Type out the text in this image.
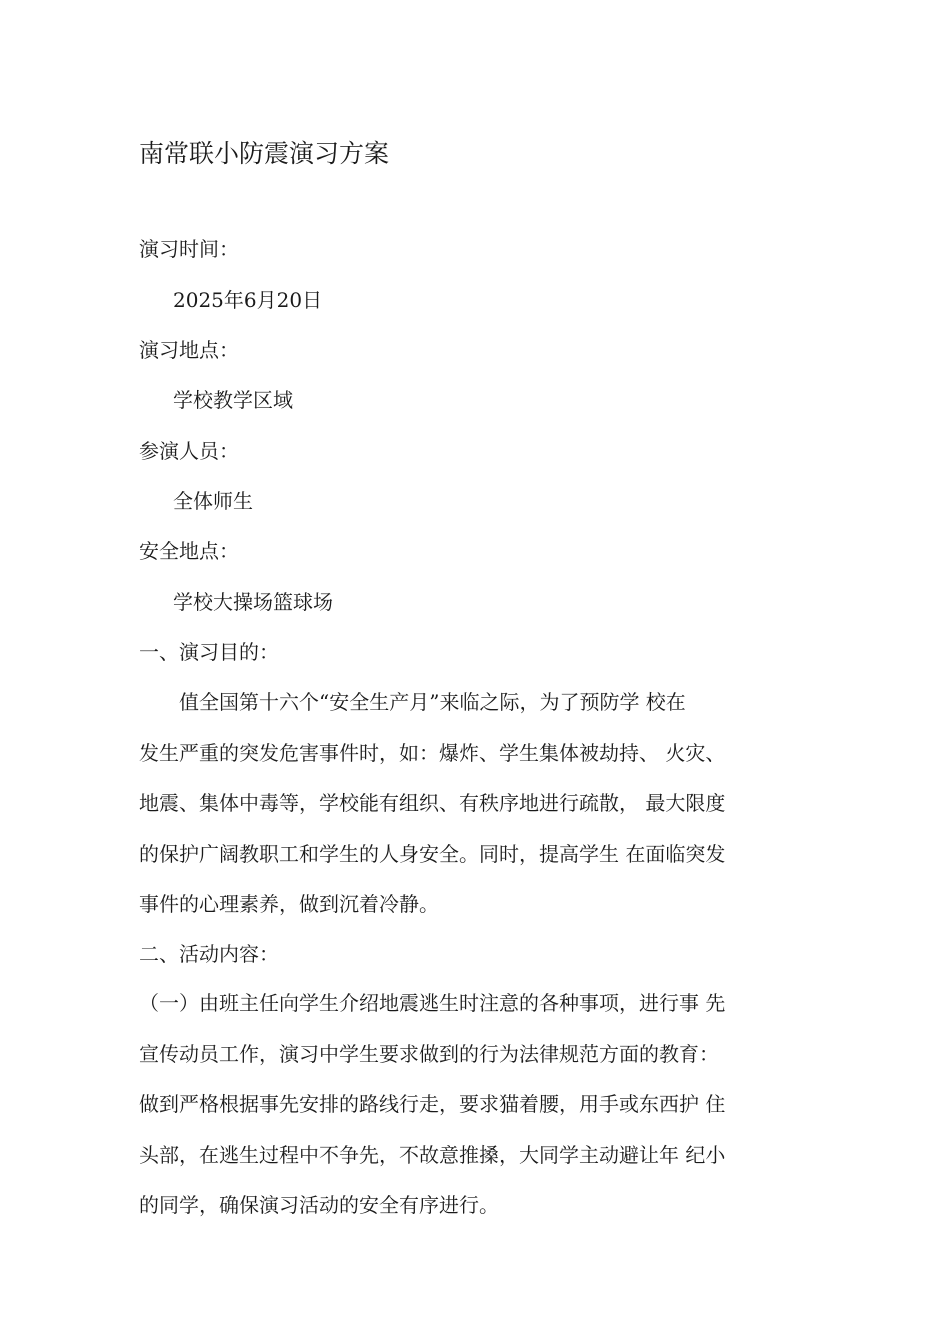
南常联小防震演习方案
演习时间：
2025年6月20日
演习地点：
学校教学区域
参演人员：
全体师生
安全地点：
学校大操场篮球场
一、演习目的：
　　值全国第十六个“安全生产月”来临之际，为了预防学 校在
发生严重的突发危害事件时，如：爆炸、学生集体被劫持、 火灾、
地震、集体中毒等，学校能有组织、有秩序地进行疏散， 最大限度
的保护广阔教职工和学生的人身安全。同时，提高学生 在面临突发
事件的心理素养，做到沉着冷静。
二、活动内容：
（一）由班主任向学生介绍地震逃生时注意的各种事项，进行事 先
宣传动员工作，演习中学生要求做到的行为法律规范方面的教育：
做到严格根据事先安排的路线行走，要求猫着腰，用手或东西护 住
头部，在逃生过程中不争先，不故意推搡，大同学主动避让年 纪小
的同学，确保演习活动的安全有序进行。
